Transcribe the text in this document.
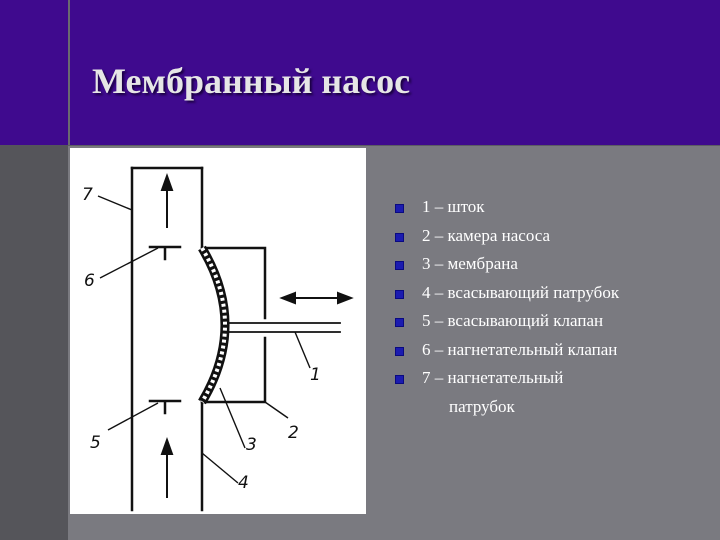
Мембранный насос
7
6
1
2
3
4
5
1 – шток
2 – камера насоса
3 – мембрана
4 – всасывающий патрубок
5 – всасывающий клапан
6 – нагнетательный клапан
7 – нагнетательный
патрубок
